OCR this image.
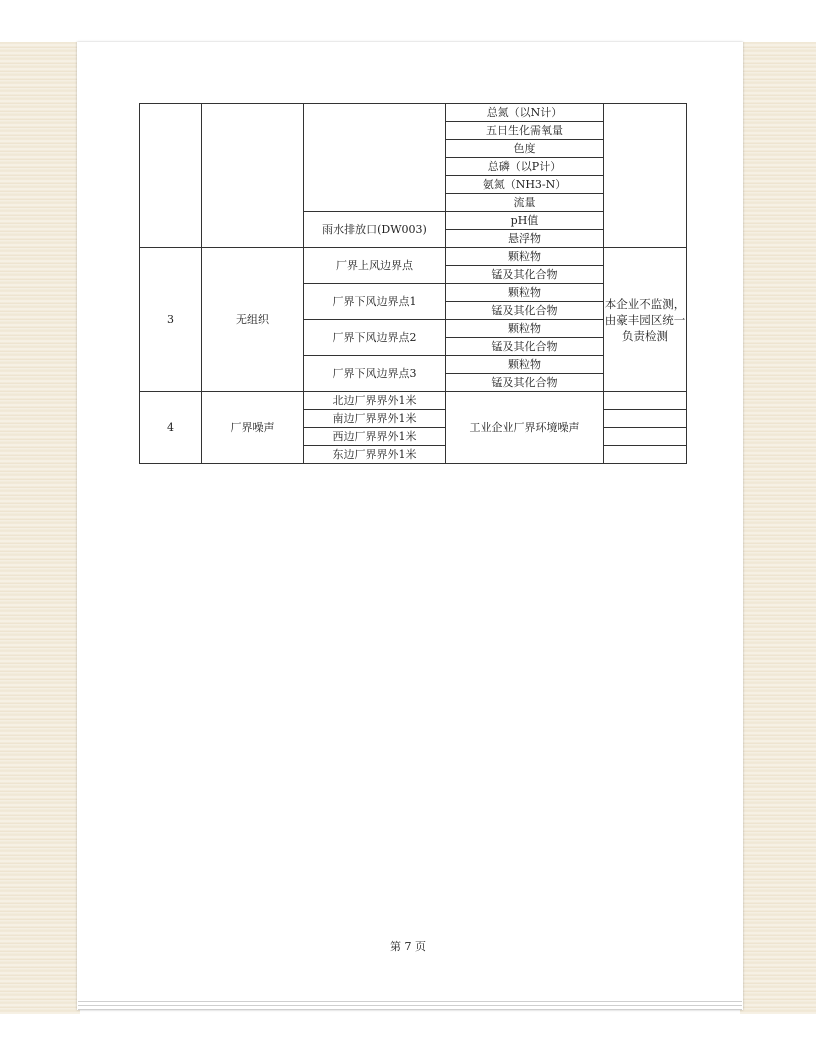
			总氮（以N计）	
			五日生化需氧量	
			色度	
			总磷（以P计）	
			氨氮（NH3-N）	
			流量	
		雨水排放口(DW003)	pH值	
			悬浮物	
3	无组织	厂界上风边界点	颗粒物	本企业不监测，由豪丰园区统一负责检测
			锰及其化合物	
		厂界下风边界点1	颗粒物	
			锰及其化合物	
		厂界下风边界点2	颗粒物	
			锰及其化合物	
		厂界下风边界点3	颗粒物	
			锰及其化合物	
4	厂界噪声	北边厂界界外1米	工业企业厂界环境噪声	
		南边厂界界外1米		
		西边厂界界外1米		
		东边厂界界外1米		
第 7 页
